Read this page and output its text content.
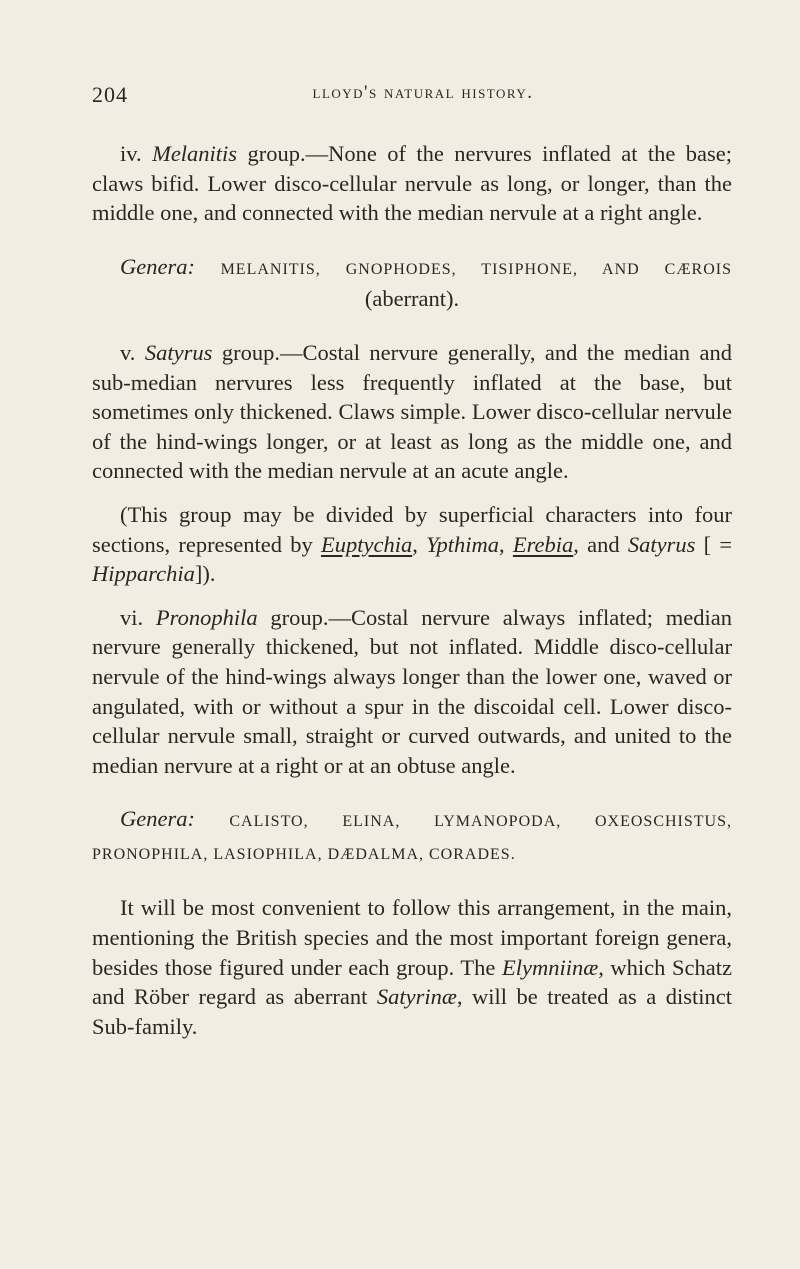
204	lloyd's natural history.

iv. Melanitis group.—None of the nervures inflated at the base; claws bifid. Lower disco-cellular nervule as long, or longer, than the middle one, and connected with the median nervule at a right angle.

Genera: MELANITIS, GNOPHODES, TISIPHONE, AND CÆROIS (aberrant).

v. Satyrus group.—Costal nervure generally, and the median and sub-median nervures less frequently inflated at the base, but sometimes only thickened. Claws simple. Lower disco-cellular nervule of the hind-wings longer, or at least as long as the middle one, and connected with the median nervule at an acute angle.

(This group may be divided by superficial characters into four sections, represented by Euptychia, Ypthima, Erebia, and Satyrus [ = Hipparchia]).

vi. Pronophila group.—Costal nervure always inflated; median nervure generally thickened, but not inflated. Middle disco-cellular nervule of the hind-wings always longer than the lower one, waved or angulated, with or without a spur in the discoidal cell. Lower disco-cellular nervule small, straight or curved outwards, and united to the median nervure at a right or at an obtuse angle.

Genera: CALISTO, ELINA, LYMANOPODA, OXEOSCHISTUS, PRONOPHILA, LASIOPHILA, DÆDALMA, CORADES.

It will be most convenient to follow this arrangement, in the main, mentioning the British species and the most important foreign genera, besides those figured under each group. The Elymniinæ, which Schatz and Röber regard as aberrant Satyrinæ, will be treated as a distinct Sub-family.
